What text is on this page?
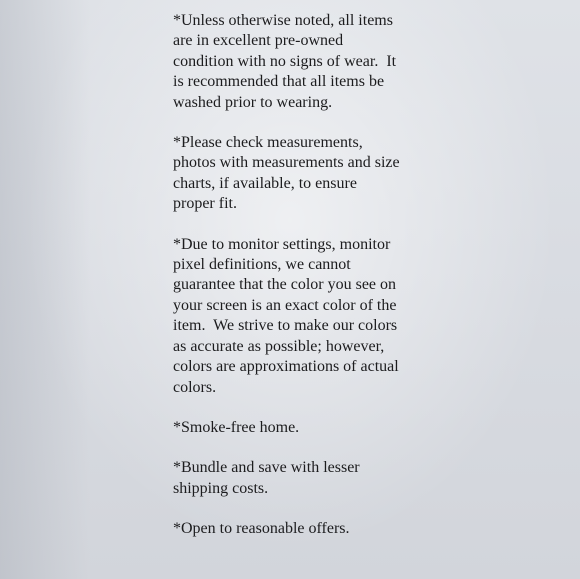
*Unless otherwise noted, all items
are in excellent pre-owned
condition with no signs of wear.  It
is recommended that all items be
washed prior to wearing.

*Please check measurements,
photos with measurements and size
charts, if available, to ensure
proper fit.

*Due to monitor settings, monitor
pixel definitions, we cannot
guarantee that the color you see on
your screen is an exact color of the
item.  We strive to make our colors
as accurate as possible; however,
colors are approximations of actual
colors.

*Smoke-free home.

*Bundle and save with lesser
shipping costs.

*Open to reasonable offers.
